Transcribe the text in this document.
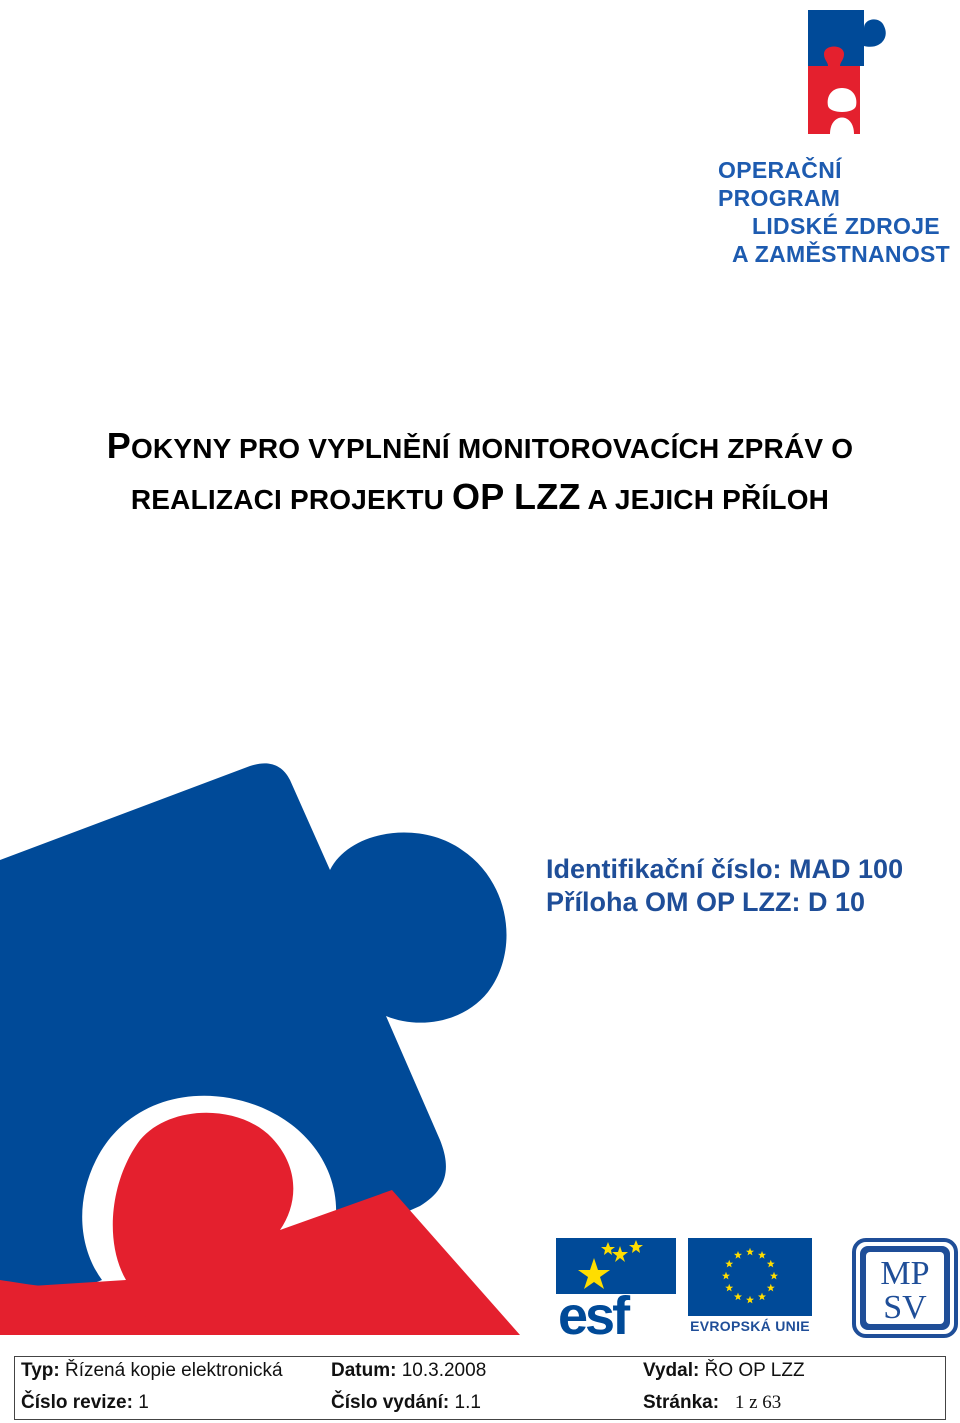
OPERAČNÍ PROGRAM
LIDSKÉ ZDROJE
A ZAMĚSTNANOST
POKYNY PRO VYPLNĚNÍ MONITOROVACÍCH ZPRÁV O
REALIZACI PROJEKTU OP LZZ A JEJICH PŘÍLOH
Identifikační číslo: MAD 100
Příloha OM OP LZZ: D 10
esf	EVROPSKÁ UNIE
MP
SV
Typ: Řízená kopie elektronická	Datum: 10.3.2008	Vydal: ŘO OP LZZ
Číslo revize: 1	Číslo vydání: 1.1	Stránka: 1 z 63
